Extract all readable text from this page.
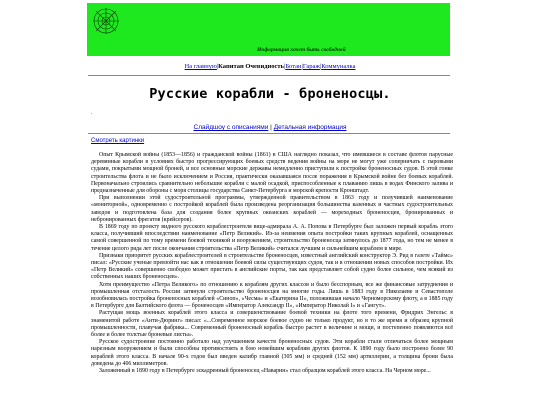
Информация хочет быть свободной
На главную|Капитан Очевидность|Ботан|Гараж|Коммуналка
Русские корабли - броненосцы.
.
Слайдшоу с описаниями | Детальная информация
Смотреть картинки

Опыт Крымской войны (1853—1856) и гражданской войны (1861) в США наглядно показал, что имевшиеся в составе флотов парусные деревянные корабли в условиях быстро прогрессирующих боевых средств ведения войны на море не могут уже соперничать с паровыми судами, покрытыми мощной броней, и все основные морские державы немедленно приступили к постройке броненосных судов. В этой гонке строительства флота и не было исключением и Россия, практически оказавшаяся после поражения в Крымской войне без боевых кораблей. Первоначально строились сравнительно небольшие корабли с малой осадкой, приспособленные к плаванию лишь в водах Финского залива и предназначенные для обороны с моря столицы государства Санкт-Петербурга и морской крепости Кронштадт.

При выполнении этой судостроительной программы, утвержденной правительством в 1863 году и получившей наименование «мониторной», одновременно с постройкой кораблей была произведена реорганизация большинства казенных и частных судостроительных заводов и подготовлена база для создания более крупных океанских кораблей — мореходных броненосцев, бронированных и небронированных фрегатов (крейсеров).

В 1869 году по проекту видного русского кораблестроителя вице-адмирала А. А. Попова в Петербурге был заложен первый корабль этого класса, получивший впоследствии наименование «Петр Великий». Из-за неимения опыта постройки таких крупных кораблей, оснащенных самой совершенной по тому времени боевой техникой и вооружением, строительство броненосца затянулось до 1877 года, но тем не менее в течение целого ряда лет после окончания строительства «Петр Великий» считался лучшим и сильнейшим кораблем в мире.

Признаки приоритет русских кораблестроителей в строительстве броненосцев, известный английский конструктор Э. Рид в газете «Таймс» писал: «Русские ученые превзойти нас как в отношении боевой силы существующих судов, так и в отношении новых способов постройки. Их «Петр Великий» совершенно свободно может пристать в английские порты, так как представляет собой судно более сильное, чем всякий из собственных наших броненосцев».

Хотя преимущество «Петра Великого» по отношению к кораблям других классов и было бесспорным, все же финансовые затруднения и промышленная отсталость России затянули строительство броненосцев на многие годы. Лишь в 1883 году в Николаеве и Севастополе возобновилась постройка броненосных кораблей «Синоп», «Чесма» и «Екатерина II», положившая начало Черноморскому флоту, а в 1885 году в Петербурге для Балтийского флота — броненосцев «Император Александр II», «Император Николай I» и «Гангут».

Растущая мощь военных кораблей этого класса и совершенствование боевой техники на флоте того времени, Фридрих Энгельс в знаменитой работе «Анти-Дюринг» писал: «...Современное морское боевое судно не только продукт, но в то же время и образец крупной промышленности, плавучая фабрика... Современный броненосный корабль быстро растет в величине и мощи, и постепенно появляются всё более и более толстые броневые листы».

Русское судостроение постоянно работало над улучшением качеств броненосных судов. Эти корабли стали отличаться более мощным нарезным вооружением и были способны противостоять в бою новейшим кораблям других флотов. К 1890 году было построено более 90 кораблей этого класса. В начале 90-х годов был введен калибр главной (305 мм) и средней (152 мм) артиллерии, а толщина брони была доведена до 406 миллиметров.

Заложенный в 1890 году в Петербурге эскадренный броненосец «Наварин» стал образцом кораблей этого класса. На Черном море...
